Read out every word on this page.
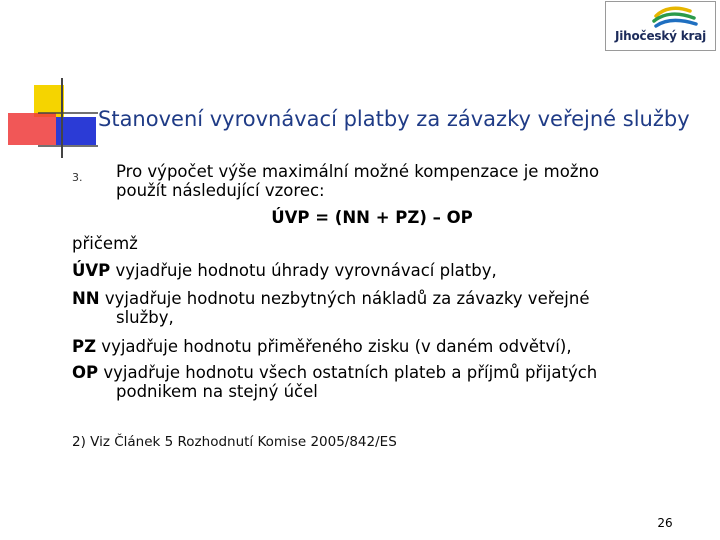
Jihočeský kraj
Stanovení vyrovnávací platby za závazky veřejné služby
3. Pro výpočet výše maximální možné kompenzace je možno
použít následující vzorec:
ÚVP = (NN + PZ) – OP
přičemž
ÚVP vyjadřuje hodnotu úhrady vyrovnávací platby,
NN vyjadřuje hodnotu nezbytných nákladů za závazky veřejné
služby,
PZ vyjadřuje hodnotu přiměřeného zisku (v daném odvětví),
OP vyjadřuje hodnotu všech ostatních plateb a příjmů přijatých
podnikem na stejný účel
2) Viz Článek 5 Rozhodnutí Komise 2005/842/ES
26
